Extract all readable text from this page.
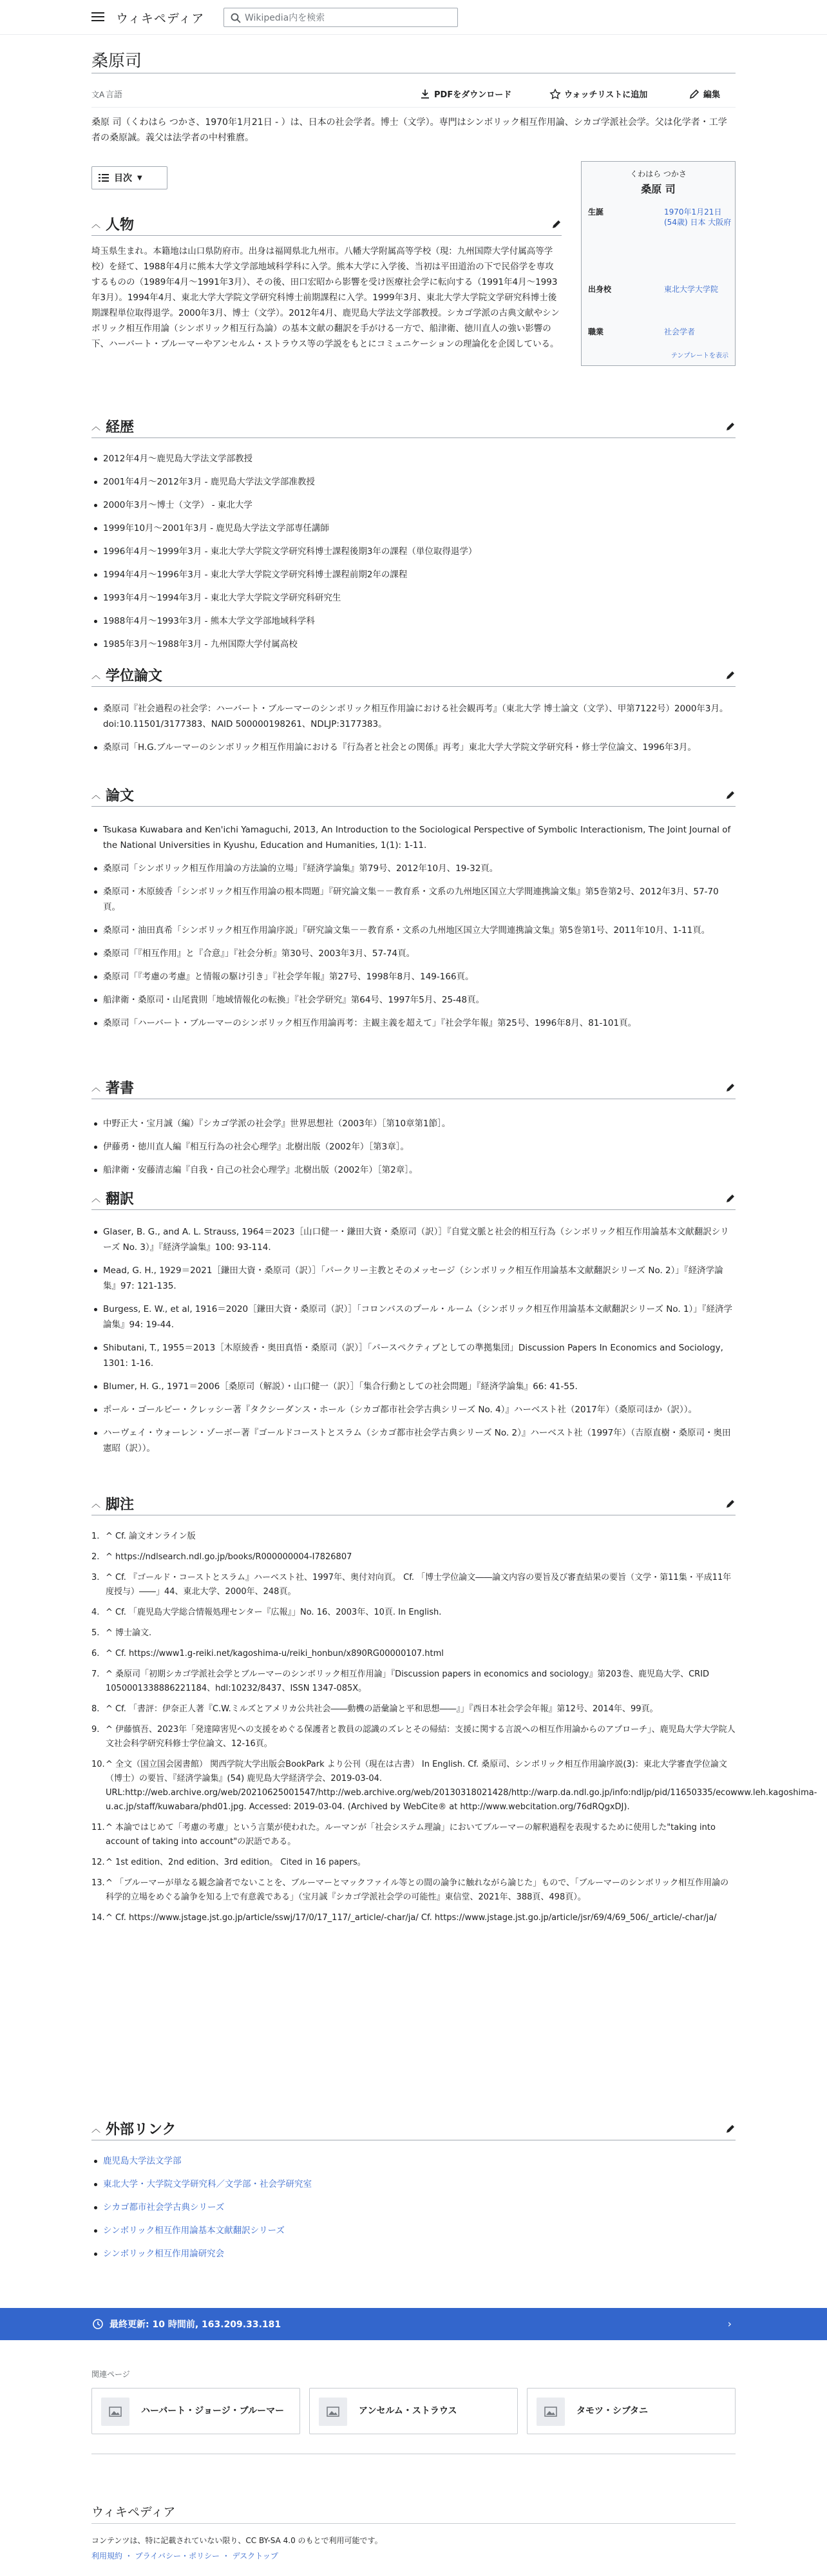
ウィキペディア	Wikipedia内を検索
桑原司
文A 言語	PDFをダウンロード	ウォッチリストに追加	編集

桑原 司（くわはら つかさ、1970年1月21日 - ）は、日本の社会学者。博士（文学）。専門はシンボリック相互作用論、シカゴ学派社会学。父は化学者・工学者の桑原誠。義父は法学者の中村雅麿。

目次 ▼	くわはら つかさ
桑原 司
生誕	1970年1月21日 (54歳) 日本 大阪府
出身校	東北大学大学院
職業	社会学者
テンプレートを表示
︿ 人物

埼玉県生まれ。本籍地は山口県防府市。出身は福岡県北九州市。八幡大学附属高等学校（現：九州国際大学付属高等学校）を経て、1988年4月に熊本大学文学部地域科学科に入学。熊本大学に入学後、当初は平田道治の下で民俗学を専攻するものの（1989年4月〜1991年3月）、その後、田口宏昭から影響を受け医療社会学に転向する（1991年4月〜1993年3月）。1994年4月、東北大学大学院文学研究科博士前期課程に入学。1999年3月、東北大学大学院文学研究科博士後期課程単位取得退学。2000年3月、博士（文学）。2012年4月、鹿児島大学法文学部教授。シカゴ学派の古典文献やシンボリック相互作用論（シンボリック相互行為論）の基本文献の翻訳を手がける一方で、船津衛、徳川直人の強い影響の下、ハーバート・ブルーマーやアンセルム・ストラウス等の学説をもとにコミュニケーションの理論化を企図している。

︿ 経歴
2012年4月〜鹿児島大学法文学部教授
2001年4月〜2012年3月 - 鹿児島大学法文学部准教授
2000年3月〜博士（文学） - 東北大学
1999年10月〜2001年3月 - 鹿児島大学法文学部専任講師
1996年4月〜1999年3月 - 東北大学大学院文学研究科博士課程後期3年の課程（単位取得退学）
1994年4月〜1996年3月 - 東北大学大学院文学研究科博士課程前期2年の課程
1993年4月〜1994年3月 - 東北大学大学院文学研究科研究生
1988年4月〜1993年3月 - 熊本大学文学部地域科学科
1985年3月〜1988年3月 - 九州国際大学付属高校
︿ 学位論文
桑原司『社会過程の社会学：ハーバート・ブルーマーのシンボリック相互作用論における社会観再考』（東北大学 博士論文（文学）、甲第7122号）2000年3月。doi:10.11501/3177383、NAID 500000198261、NDLJP:3177383。
桑原司「H.G.ブルーマーのシンボリック相互作用論における『行為者と社会との関係』再考」東北大学大学院文学研究科・修士学位論文、1996年3月。
︿ 論文
Tsukasa Kuwabara and Ken'ichi Yamaguchi, 2013, An Introduction to the Sociological Perspective of Symbolic Interactionism, The Joint Journal of the National Universities in Kyushu, Education and Humanities, 1(1): 1-11.
桑原司「シンボリック相互作用論の方法論的立場」『経済学論集』第79号、2012年10月、19-32頁。
桑原司・木原綾香「シンボリック相互作用論の根本問題」『研究論文集－－教育系・文系の九州地区国立大学間連携論文集』第5巻第2号、2012年3月、57-70頁。
桑原司・油田真希「シンボリック相互作用論序説」『研究論文集－－教育系・文系の九州地区国立大学間連携論文集』第5巻第1号、2011年10月、1-11頁。
桑原司「『相互作用』と『合意』」『社会分析』第30号、2003年3月、57-74頁。
桑原司「『考慮の考慮』と情報の駆け引き」『社会学年報』第27号、1998年8月、149-166頁。
船津衛・桑原司・山尾貴則「地域情報化の転換」『社会学研究』第64号、1997年5月、25-48頁。
桑原司「ハーバート・ブルーマーのシンボリック相互作用論再考：主観主義を超えて」『社会学年報』第25号、1996年8月、81-101頁。
︿ 著書
中野正大・宝月誠（編）『シカゴ学派の社会学』世界思想社（2003年）［第10章第1節］。
伊藤勇・徳川直人編『相互行為の社会心理学』北樹出版（2002年）［第3章］。
船津衛・安藤清志編『自我・自己の社会心理学』北樹出版（2002年）［第2章］。
︿ 翻訳
Glaser, B. G., and A. L. Strauss, 1964＝2023［山口健一・鎌田大資・桑原司（訳）］『自覚文脈と社会的相互行為（シンボリック相互作用論基本文献翻訳シリーズ No. 3）』『経済学論集』100: 93-114.
Mead, G. H., 1929＝2021［鎌田大資・桑原司（訳）］「パークリー主教とそのメッセージ（シンボリック相互作用論基本文献翻訳シリーズ No. 2）」『経済学論集』97: 121-135.
Burgess, E. W., et al, 1916＝2020［鎌田大資・桑原司（訳）］「コロンバスのプール・ルーム（シンボリック相互作用論基本文献翻訳シリーズ No. 1）」『経済学論集』94: 19-44.
Shibutani, T., 1955＝2013［木原綾香・奥田真悟・桑原司（訳）］「パースペクティブとしての準拠集団」Discussion Papers In Economics and Sociology, 1301: 1-16.
Blumer, H. G., 1971＝2006［桑原司（解説）・山口健一（訳）］「集合行動としての社会問題」『経済学論集』66: 41-55.
ポール・ゴールビー・クレッシー著『タクシーダンス・ホール（シカゴ都市社会学古典シリーズ No. 4）』ハーベスト社（2017年）（桑原司ほか（訳））。
ハーヴェイ・ウォーレン・ゾーボー著『ゴールドコーストとスラム（シカゴ都市社会学古典シリーズ No. 2）』ハーベスト社（1997年）（吉原直樹・桑原司・奥田憲昭（訳））。
︿ 脚注
1. ^ Cf. 論文オンライン版
2. ^ https://ndlsearch.ndl.go.jp/books/R000000004-I7826807
3. ^ Cf. 『ゴールド・コーストとスラム』ハーベスト社、1997年、奥付対向頁。 Cf. 「博士学位論文――論文内容の要旨及び審査結果の要旨（文学・第11集・平成11年度授与）――」44、東北大学、2000年、248頁。
4. ^ Cf. 「鹿児島大学総合情報処理センター『広報』」No. 16、2003年、10頁. In English.
5. ^ 博士論文.
6. ^ Cf. https://www1.g-reiki.net/kagoshima-u/reiki_honbun/x890RG00000107.html
7. ^ 桑原司「初期シカゴ学派社会学とブルーマーのシンボリック相互作用論」『Discussion papers in economics and sociology』第203巻、鹿児島大学、CRID 1050001338886221184、hdl:10232/8437、ISSN 1347-085X。
8. ^ Cf. 「書評：伊奈正人著『C.W.ミルズとアメリカ公共社会――動機の語彙論と平和思想――』」『西日本社会学会年報』第12号、2014年、99頁。
9. ^ 伊藤慎吾、2023年「発達障害児への支援をめぐる保護者と教員の認識のズレとその帰結：支援に関する言説への相互作用論からのアプローチ」、鹿児島大学大学院人文社会科学研究科修士学位論文、12-16頁。
10. ^ 全文（国立国会図書館） 関西学院大学出版会BookPark より公刊（現在は古書） In English. Cf. 桑原司、シンボリック相互作用論序説(3)：東北大学審査学位論文（博士）の要旨、『経済学論集』(54) 鹿児島大学経済学会、2019-03-04. URL:http://web.archive.org/web/20210625001547/http://web.archive.org/web/20130318021428/http://warp.da.ndl.go.jp/info:ndljp/pid/11650335/ecowww.leh.kagoshima-u.ac.jp/staff/kuwabara/phd01.jpg. Accessed: 2019-03-04. (Archived by WebCite® at http://www.webcitation.org/76dRQgxDJ).
11. ^ 本論ではじめて「考慮の考慮」という言葉が使われた。ルーマンが「社会システム理論」においてブルーマーの解釈過程を表現するために使用した"taking into account of taking into account"の訳語である。
12. ^ 1st edition、2nd edition、3rd edition。 Cited in 16 papers。
13. ^ 「ブルーマーが単なる観念論者でないことを、ブルーマーとマックファイル等との間の論争に触れながら論じた」もので、「ブルーマーのシンボリック相互作用論の科学的立場をめぐる論争を知る上で有意義である」（宝月誠『シカゴ学派社会学の可能性』東信堂、2021年、388頁、498頁）。
14. ^ Cf. https://www.jstage.jst.go.jp/article/sswj/17/0/17_117/_article/-char/ja/ Cf. https://www.jstage.jst.go.jp/article/jsr/69/4/69_506/_article/-char/ja/
︿ 外部リンク
鹿児島大学法文学部
東北大学・大学院文学研究科／文学部・社会学研究室
シカゴ都市社会学古典シリーズ
シンボリック相互作用論基本文献翻訳シリーズ
シンボリック相互作用論研究会
最終更新: 10 時間前, 163.209.33.181	›
関連ページ
ハーバート・ジョージ・ブルーマー	アンセルム・ストラウス	タモツ・シブタニ
ウィキペディア
コンテンツは、特に記載されていない限り、CC BY-SA 4.0 のもとで利用可能です。
利用規約 ・ プライバシー・ポリシー ・ デスクトップ
